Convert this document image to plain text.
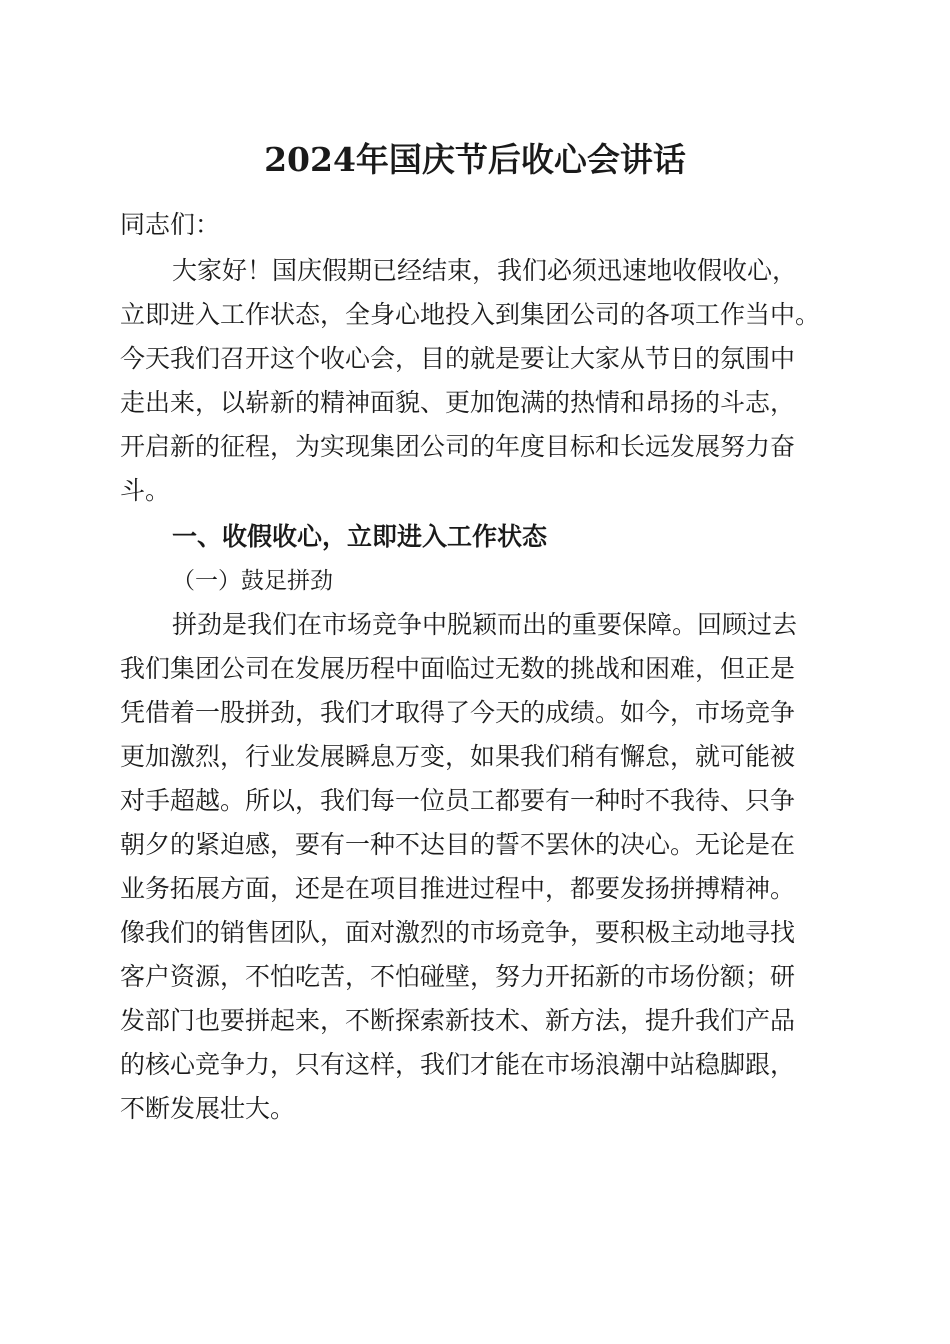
2024年国庆节后收心会讲话
同志们：
大家好！国庆假期已经结束，我们必须迅速地收假收心，
立即进入工作状态，全身心地投入到集团公司的各项工作当中。
今天我们召开这个收心会，目的就是要让大家从节日的氛围中
走出来，以崭新的精神面貌、更加饱满的热情和昂扬的斗志，
开启新的征程，为实现集团公司的年度目标和长远发展努力奋
斗。
一、收假收心，立即进入工作状态
（一）鼓足拼劲
拼劲是我们在市场竞争中脱颖而出的重要保障。回顾过去
我们集团公司在发展历程中面临过无数的挑战和困难，但正是
凭借着一股拼劲，我们才取得了今天的成绩。如今，市场竞争
更加激烈，行业发展瞬息万变，如果我们稍有懈怠，就可能被
对手超越。所以，我们每一位员工都要有一种时不我待、只争
朝夕的紧迫感，要有一种不达目的誓不罢休的决心。无论是在
业务拓展方面，还是在项目推进过程中，都要发扬拼搏精神。
像我们的销售团队，面对激烈的市场竞争，要积极主动地寻找
客户资源，不怕吃苦，不怕碰壁，努力开拓新的市场份额；研
发部门也要拼起来，不断探索新技术、新方法，提升我们产品
的核心竞争力，只有这样，我们才能在市场浪潮中站稳脚跟，
不断发展壮大。
